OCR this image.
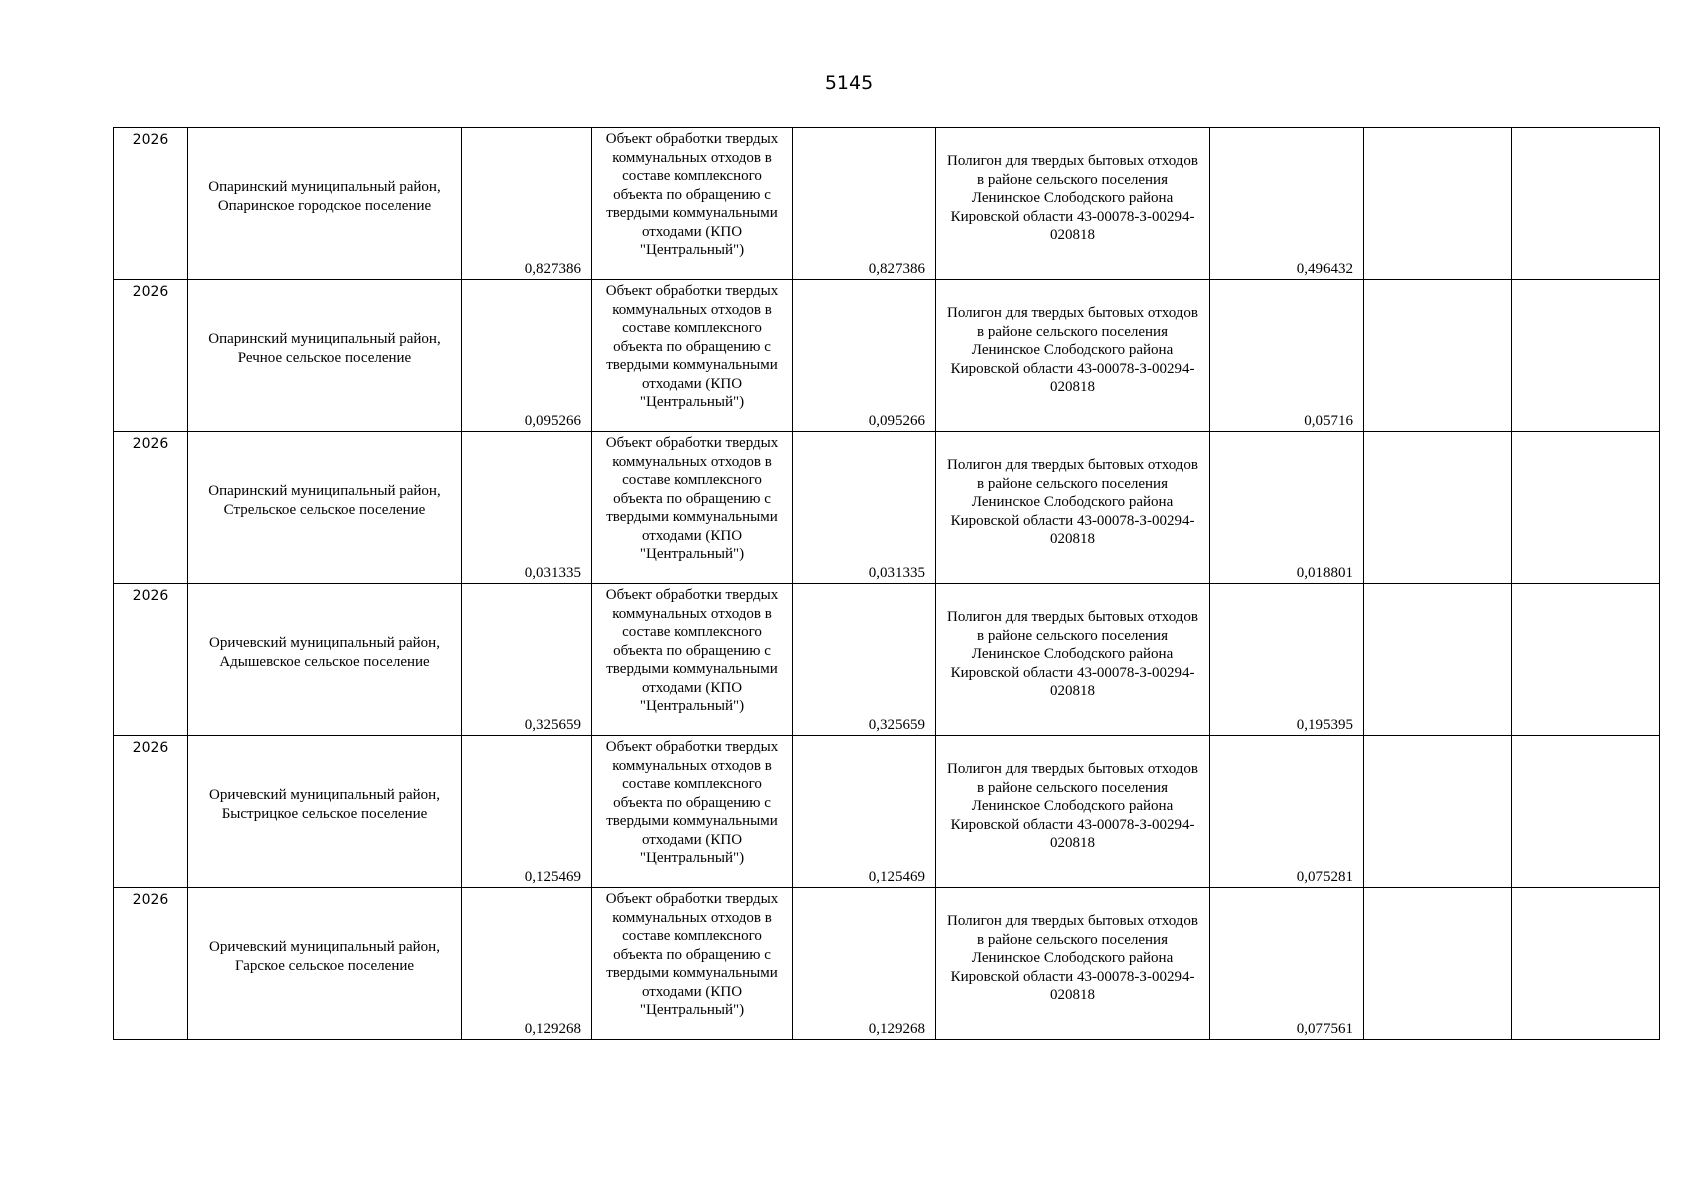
5145
2026	Опаринский муниципальный район, Опаринское городское поселение	0,827386	Объект обработки твердых коммунальных отходов в составе комплексного объекта по обращению с твердыми коммунальными отходами (КПО "Центральный")	0,827386	Полигон для твердых бытовых отходов в районе сельского поселения Ленинское Слободского района Кировской области 43-00078-З-00294-020818	0,496432		

2026	Опаринский муниципальный район, Речное сельское поселение	0,095266	Объект обработки твердых коммунальных отходов в составе комплексного объекта по обращению с твердыми коммунальными отходами (КПО "Центральный")	0,095266	Полигон для твердых бытовых отходов в районе сельского поселения Ленинское Слободского района Кировской области 43-00078-З-00294-020818	0,05716		

2026	Опаринский муниципальный район, Стрельское сельское поселение	0,031335	Объект обработки твердых коммунальных отходов в составе комплексного объекта по обращению с твердыми коммунальными отходами (КПО "Центральный")	0,031335	Полигон для твердых бытовых отходов в районе сельского поселения Ленинское Слободского района Кировской области 43-00078-З-00294-020818	0,018801		

2026	Оричевский муниципальный район, Адышевское сельское поселение	0,325659	Объект обработки твердых коммунальных отходов в составе комплексного объекта по обращению с твердыми коммунальными отходами (КПО "Центральный")	0,325659	Полигон для твердых бытовых отходов в районе сельского поселения Ленинское Слободского района Кировской области 43-00078-З-00294-020818	0,195395		

2026	Оричевский муниципальный район, Быстрицкое сельское поселение	0,125469	Объект обработки твердых коммунальных отходов в составе комплексного объекта по обращению с твердыми коммунальными отходами (КПО "Центральный")	0,125469	Полигон для твердых бытовых отходов в районе сельского поселения Ленинское Слободского района Кировской области 43-00078-З-00294-020818	0,075281		

2026	Оричевский муниципальный район, Гарское сельское поселение	0,129268	Объект обработки твердых коммунальных отходов в составе комплексного объекта по обращению с твердыми коммунальными отходами (КПО "Центральный")	0,129268	Полигон для твердых бытовых отходов в районе сельского поселения Ленинское Слободского района Кировской области 43-00078-З-00294-020818	0,077561		
